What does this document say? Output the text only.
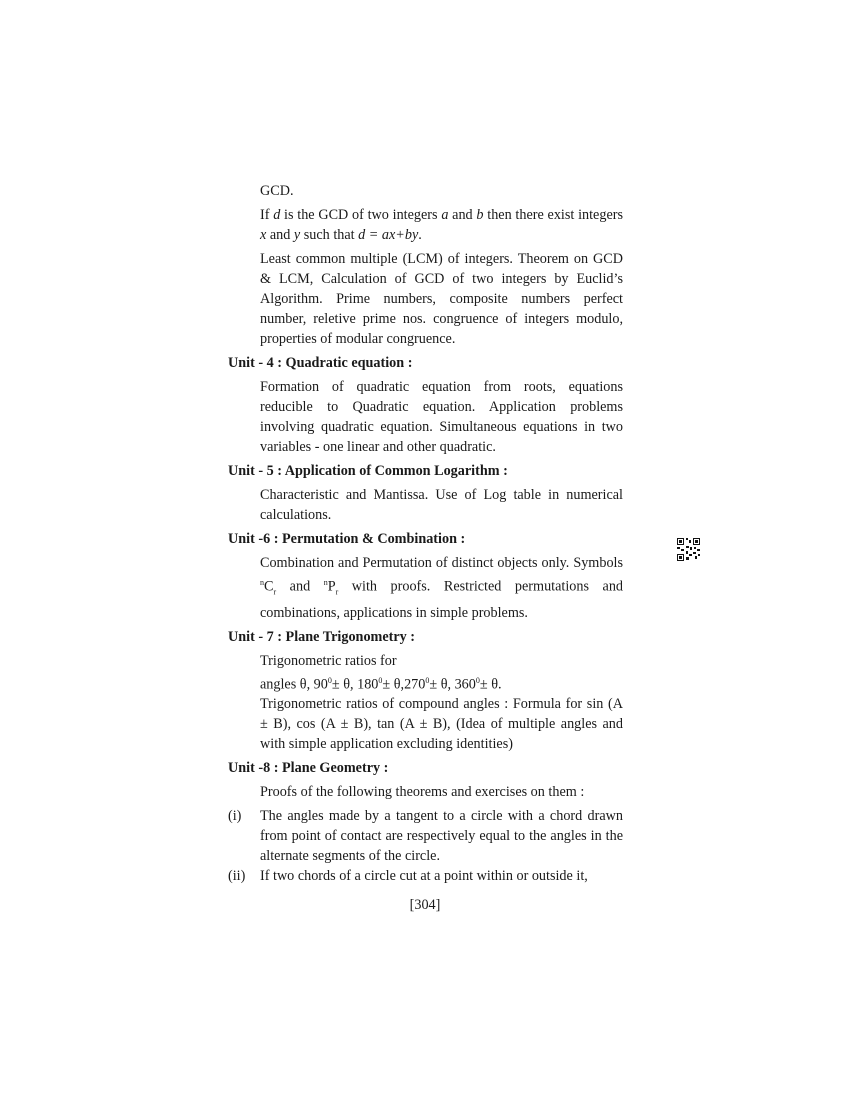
GCD.

If d is the GCD of two integers a and b then there exist integers x and y such that d = ax+by.

Least common multiple (LCM) of integers. Theorem on GCD & LCM, Calculation of GCD of two integers by Euclid’s Algorithm. Prime numbers, composite numbers perfect number, reletive prime nos. congruence of integers modulo, properties of modular congruence.

Unit - 4 : Quadratic equation :

Formation of quadratic equation from roots, equations reducible to Quadratic equation. Application problems involving quadratic equation. Simultaneous equations in two variables - one linear and other quadratic.

Unit - 5 : Application of Common Logarithm :

Characteristic and Mantissa. Use of Log table in numerical calculations.

Unit -6 : Permutation & Combination :

Combination and Permutation of distinct objects only. Symbols $^nC_r$ and $^nP_r$ with proofs. Restricted permutations and combinations, applications in simple problems.

Unit - 7 : Plane Trigonometry :

Trigonometric ratios for
angles θ, $90^0\pm \theta$, $180^0\pm \theta,270^0\pm \theta$, $360^0\pm \theta$.
Trigonometric ratios of compound angles : Formula for sin (A ± B), cos (A ± B), tan (A ± B), (Idea of multiple angles and with simple application excluding identities)

Unit -8 : Plane Geometry :

Proofs of the following theorems and exercises on them :

(i)	The angles made by a tangent to a circle with a chord drawn from point of contact are respectively equal to the angles in the alternate segments of the circle.
(ii)	If two chords of a circle cut at a point within or outside it,
[304]
